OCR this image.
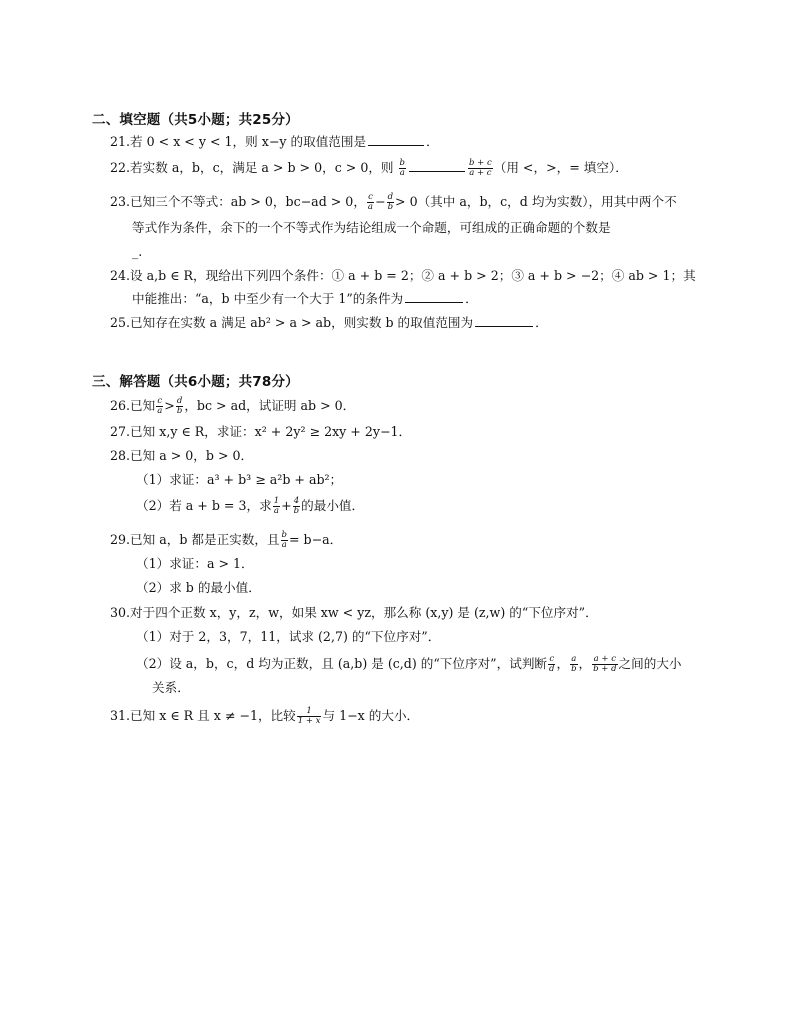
二、填空题（共5小题；共25分）
21.若 0 < x < y < 1，则 x−y 的取值范围是	．
22.若实数 a，b，c，满足 a > b > 0，c > 0，则 $\frac{b}{a}$	$\frac{b + c}{a + c}$ （用 <，>，= 填空）．
23.已知三个不等式：ab > 0，bc−ad > 0， $\frac{c}{a} - \frac{d}{b} > 0$（其中 a，b，c，d 均为实数），用其中两个不
等式作为条件，余下的一个不等式作为结论组成一个命题，可组成的正确命题的个数是
_.
24.设 a,b ∈ R，现给出下列四个条件：① a + b = 2；② a + b > 2；③ a + b > −2；④ ab > 1；其
中能推出：“a，b 中至少有一个大于 1”的条件为	．
25.已知存在实数 a 满足 ab² > a > ab，则实数 b 的取值范围为	．
三、解答题（共6小题；共78分）
26.已知 $\frac{c}{a} > \frac{d}{b}$ ，bc > ad，试证明 ab > 0．
27.已知 x,y ∈ R，求证：x² + 2y² ≥ 2xy + 2y−1．
28.已知 a > 0，b > 0．
（1）求证：a³ + b³ ≥ a²b + ab²；
（2）若 a + b = 3，求 $\frac{1}{a} + \frac{4}{b}$ 的最小值．
29.已知 a，b 都是正实数，且 $\frac{b}{a} = b-a$．
（1）求证：a > 1．
（2）求 b 的最小值．
30.对于四个正数 x，y，z，w，如果 xw < yz，那么称 (x,y) 是 (z,w) 的“下位序对”．
（1）对于 2，3，7，11，试求 (2,7) 的“下位序对”．
（2）设 a，b，c，d 均为正数，且 (a,b) 是 (c,d) 的“下位序对”，试判断 $\frac{c}{d}$ ， $\frac{a}{b}$ ， $\frac{a + c}{b + d}$ 之间的大小
关系．
31.已知 x ∈ R 且 x ≠ −1，比较 $\frac{1}{1 + x}$ 与 1−x 的大小．
